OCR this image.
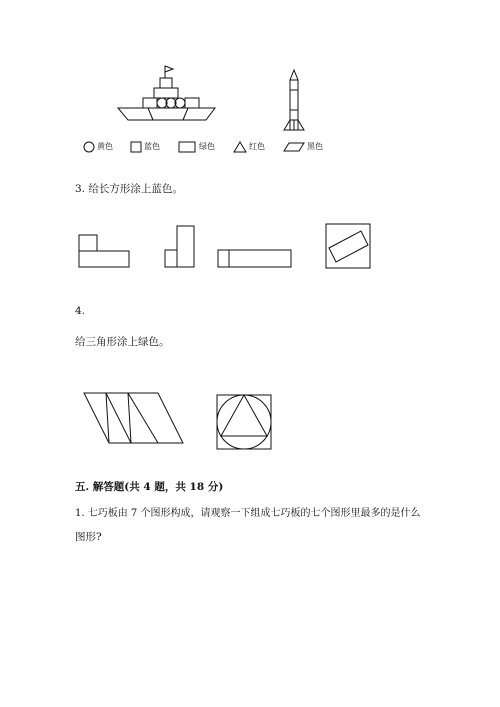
黄色	蓝色	绿色	红色	黑色
3. 给长方形涂上蓝色。
4.
给三角形涂上绿色。
五. 解答题(共 4 题，共 18 分)
1. 七巧板由 7 个图形构成，请观察一下组成七巧板的七个图形里最多的是什么
图形?
